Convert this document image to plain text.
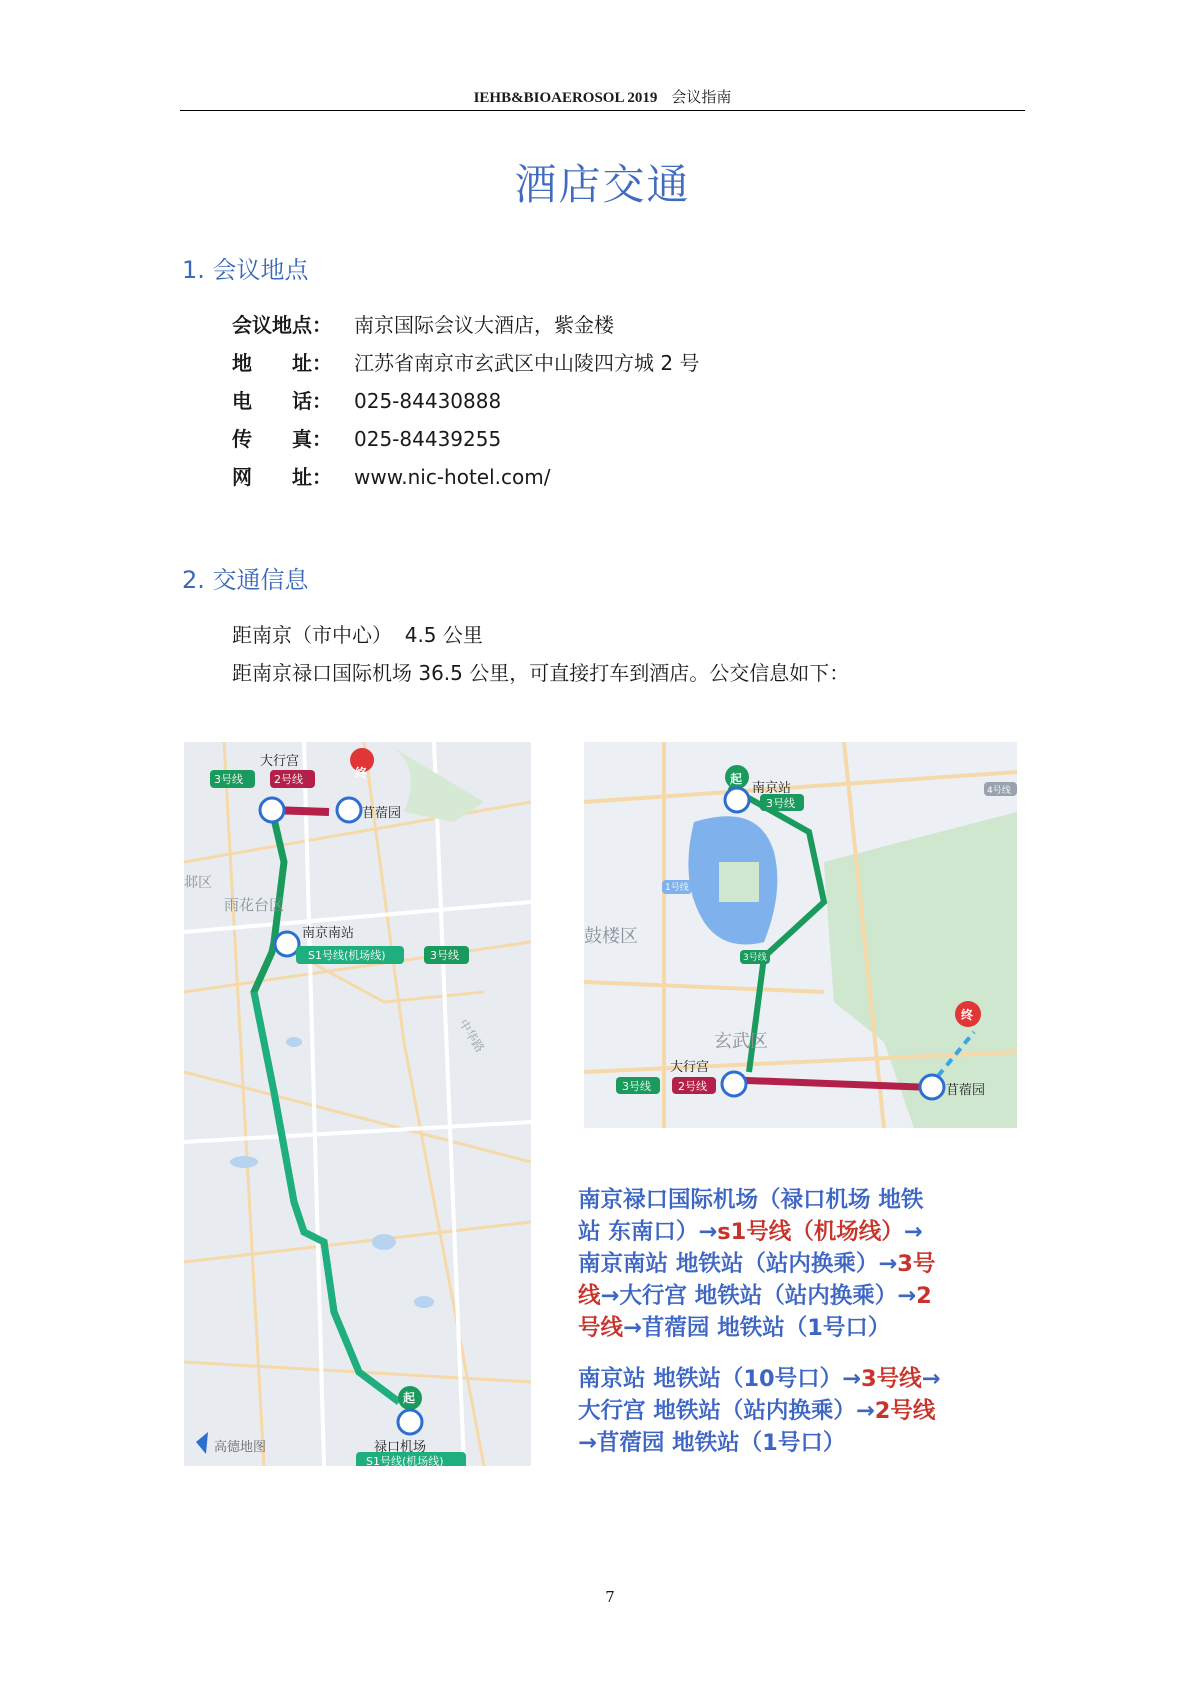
IEHB&BIOAEROSOL 2019 会议指南
酒店交通
1. 会议地点
会议地点： 南京国际会议大酒店，紫金楼
地　　址： 江苏省南京市玄武区中山陵四方城 2 号
电　　话： 025-84430888
传　　真： 025-84439255
网　　址： www.nic-hotel.com/
2. 交通信息
距南京（市中心）  4.5 公里
距南京禄口国际机场 36.5 公里，可直接打车到酒店。公交信息如下：
大行宫
3号线	2号线	终
苜蓿园
邶区
雨花台区
南京南站
S1号线(机场线)	3号线
中华路
起
禄口机场
S1号线(机场线)
高德地图
起
南京站
3号线
1号线
3号线
鼓楼区
玄武区
大行宫
3号线 2号线
终
苜蓿园
4号线
南京禄口国际机场（禄口机场 地铁
站 东南口）→s1号线（机场线）→
南京南站 地铁站（站内换乘）→3号
线→大行宫 地铁站（站内换乘）→2
号线→苜蓿园 地铁站（1号口）
南京站 地铁站（10号口）→3号线→
大行宫 地铁站（站内换乘）→2号线
→苜蓿园 地铁站（1号口）
7
